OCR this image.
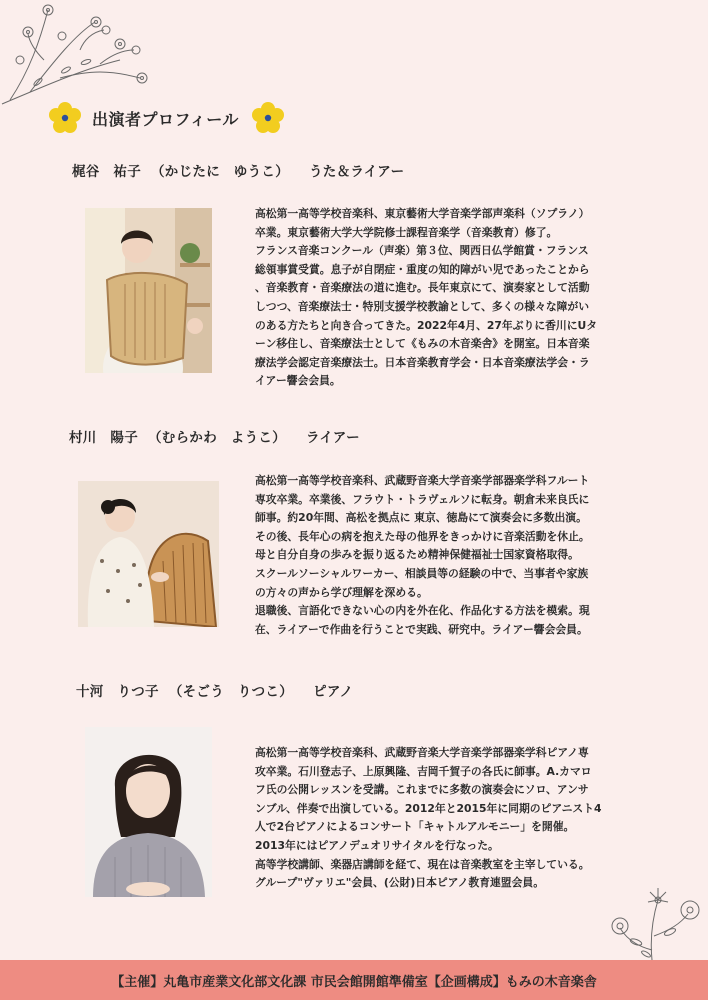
出演者プロフィール
梶谷　祐子 （かじたに　ゆうこ） うた＆ライアー
高松第一高等学校音楽科、東京藝術大学音楽学部声楽科（ソプラノ）
卒業。東京藝術大学大学院修士課程音楽学（音楽教育）修了。
フランス音楽コンクール（声楽）第３位、関西日仏学館賞・フランス
総領事賞受賞。息子が自閉症・重度の知的障がい児であったことから
、音楽教育・音楽療法の道に進む。長年東京にて、演奏家として活動
しつつ、音楽療法士・特別支援学校教諭として、多くの様々な障がい
のある方たちと向き合ってきた。2022年4月、27年ぶりに香川にUタ
ーン移住し、音楽療法士として《もみの木音楽舎》を開室。日本音楽
療法学会認定音楽療法士。日本音楽教育学会・日本音楽療法学会・ラ
イアー響会会員。
村川　陽子 （むらかわ　ようこ） ライアー
高松第一高等学校音楽科、武蔵野音楽大学音楽学部器楽学科フルート
専攻卒業。卒業後、フラウト・トラヴェルソに転身。朝倉未来良氏に
師事。約20年間、高松を拠点に 東京、徳島にて演奏会に多数出演。
その後、長年心の病を抱えた母の他界をきっかけに音楽活動を休止。
母と自分自身の歩みを振り返るため精神保健福祉士国家資格取得。
スクールソーシャルワーカー、相談員等の経験の中で、当事者や家族
の方々の声から学び理解を深める。
退職後、言語化できない心の内を外在化、作品化する方法を模索。現
在、ライアーで作曲を行うことで実践、研究中。ライアー響会会員。
十河　りつ子 （そごう　りつこ） ピアノ
高松第一高等学校音楽科、武蔵野音楽大学音楽学部器楽学科ピアノ専
攻卒業。石川登志子、上原興隆、吉岡千賀子の各氏に師事。A.カマロ
フ氏の公開レッスンを受講。これまでに多数の演奏会にソロ、アンサ
ンブル、伴奏で出演している。2012年と2015年に同期のピアニスト4
人で2台ピアノによるコンサート「キャトルアルモニー」を開催。
2013年にはピアノデュオリサイタルを行なった。
高等学校講師、楽器店講師を経て、現在は音楽教室を主宰している。
グループ"ヴァリエ"会員、(公財)日本ピアノ教育連盟会員。
【主催】丸亀市産業文化部文化課 市民会館開館準備室 【企画構成】もみの木音楽舎
